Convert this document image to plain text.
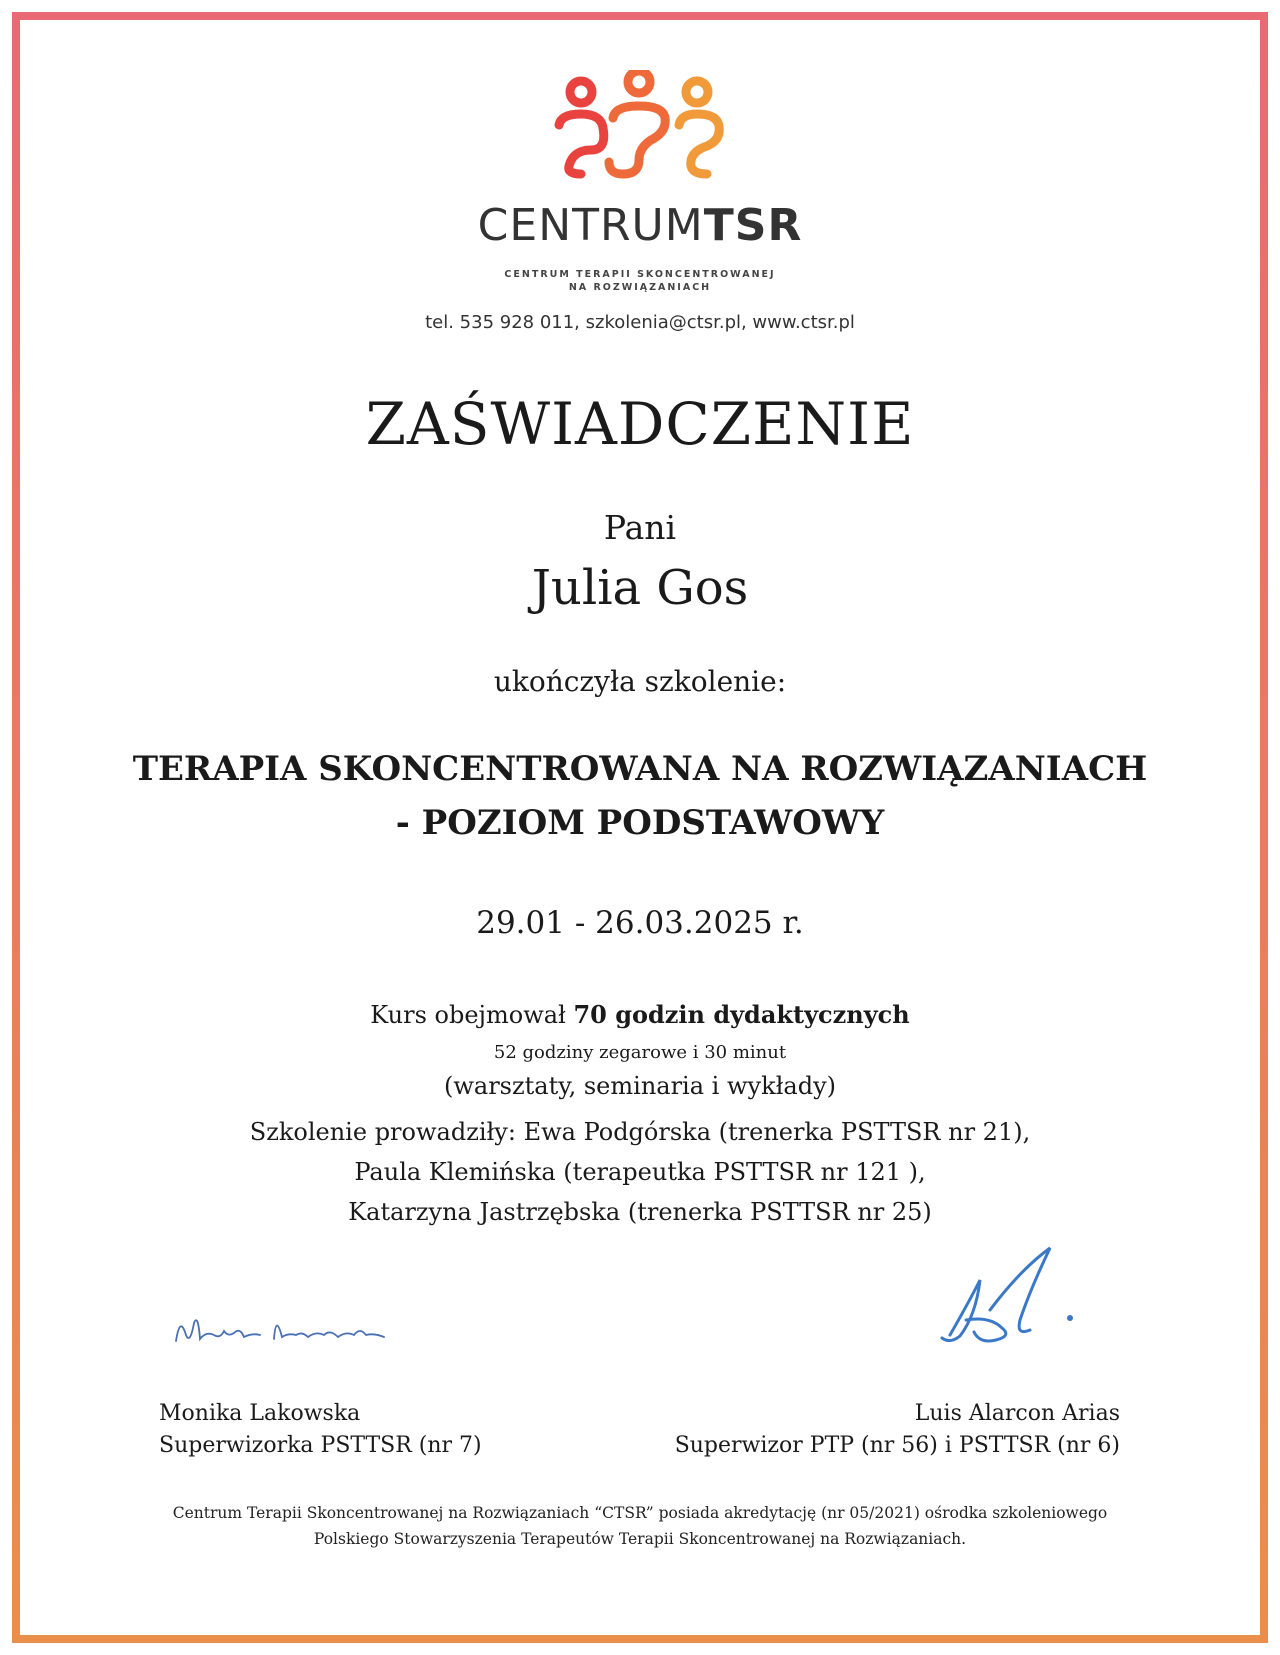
CENTRUMTSR
CENTRUM TERAPII SKONCENTROWANEJ
NA ROZWIĄZANIACH
tel. 535 928 011, szkolenia@ctsr.pl, www.ctsr.pl
ZAŚWIADCZENIE
Pani
Julia Gos
ukończyła szkolenie:
TERAPIA SKONCENTROWANA NA ROZWIĄZANIACH
- POZIOM PODSTAWOWY
29.01 - 26.03.2025 r.
Kurs obejmował 70 godzin dydaktycznych
52 godziny zegarowe i 30 minut
(warsztaty, seminaria i wykłady)
Szkolenie prowadziły: Ewa Podgórska (trenerka PSTTSR nr 21),
Paula Klemińska (terapeutka PSTTSR nr 121 ),
Katarzyna Jastrzębska (trenerka PSTTSR nr 25)
Monika Lakowska
Superwizorka PSTTSR (nr 7)
Luis Alarcon Arias
Superwizor PTP (nr 56) i PSTTSR (nr 6)
Centrum Terapii Skoncentrowanej na Rozwiązaniach “CTSR” posiada akredytację (nr 05/2021) ośrodka szkoleniowego
Polskiego Stowarzyszenia Terapeutów Terapii Skoncentrowanej na Rozwiązaniach.
